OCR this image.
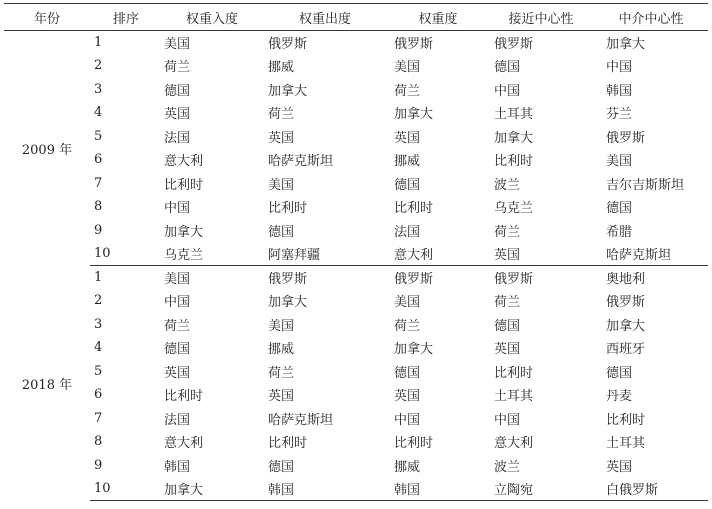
年份	排序	权重入度	权重出度	权重度	接近中心性	中介中心性
2009 年	1	美国	俄罗斯	俄罗斯	俄罗斯	加拿大
	2	荷兰	挪威	美国	德国	中国
	3	德国	加拿大	荷兰	中国	韩国
	4	英国	荷兰	加拿大	土耳其	芬兰
	5	法国	英国	英国	加拿大	俄罗斯
	6	意大利	哈萨克斯坦	挪威	比利时	美国
	7	比利时	美国	德国	波兰	吉尔吉斯斯坦
	8	中国	比利时	比利时	乌克兰	德国
	9	加拿大	德国	法国	荷兰	希腊
	10	乌克兰	阿塞拜疆	意大利	英国	哈萨克斯坦
2018 年	1	美国	俄罗斯	俄罗斯	俄罗斯	奥地利
	2	中国	加拿大	美国	荷兰	俄罗斯
	3	荷兰	美国	荷兰	德国	加拿大
	4	德国	挪威	加拿大	英国	西班牙
	5	英国	荷兰	德国	比利时	德国
	6	比利时	英国	英国	土耳其	丹麦
	7	法国	哈萨克斯坦	中国	中国	比利时
	8	意大利	比利时	比利时	意大利	土耳其
	9	韩国	德国	挪威	波兰	英国
	10	加拿大	韩国	韩国	立陶宛	白俄罗斯
